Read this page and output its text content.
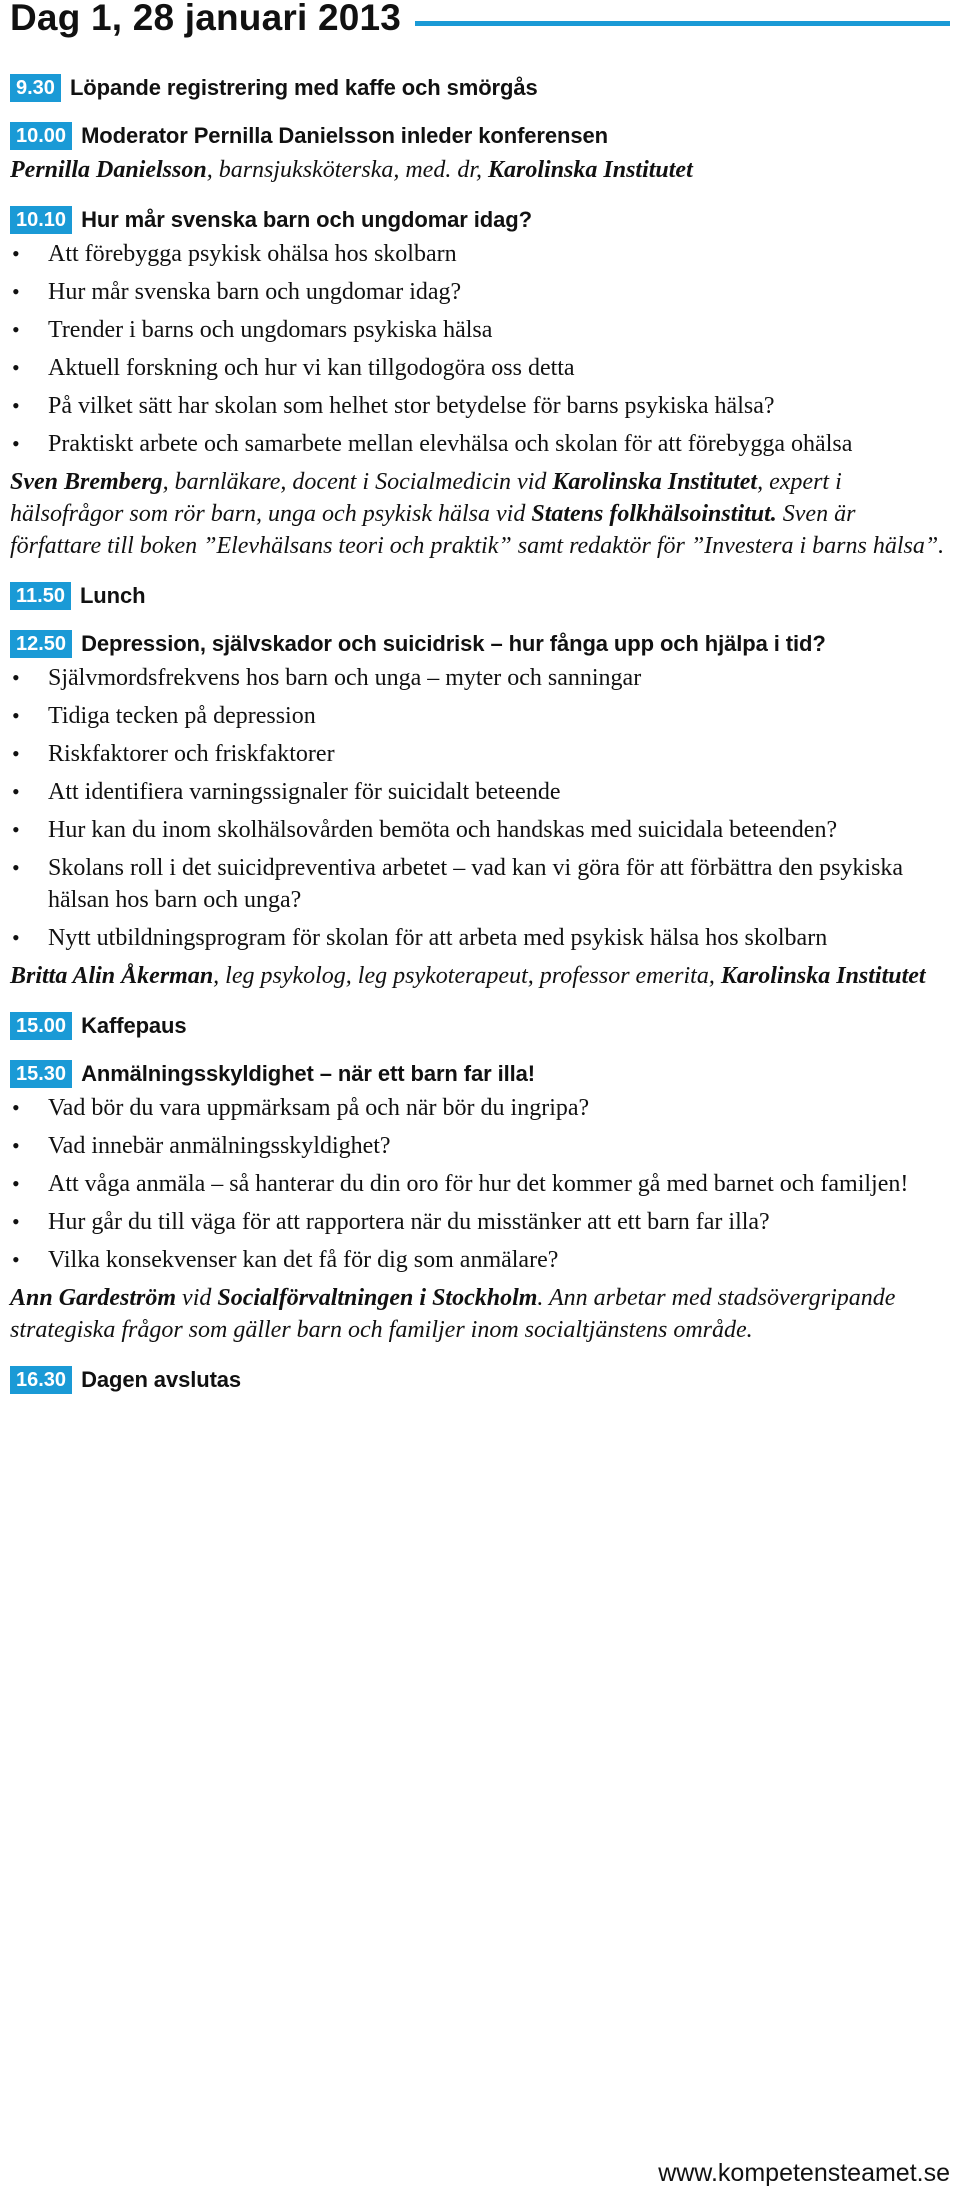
Dag 1, 28 januari 2013
9.30 Löpande registrering med kaffe och smörgås
10.00 Moderator Pernilla Danielsson inleder konferensen
Pernilla Danielsson, barnsjuksköterska, med. dr, Karolinska Institutet
10.10 Hur mår svenska barn och ungdomar idag?
• Att förebygga psykisk ohälsa hos skolbarn
• Hur mår svenska barn och ungdomar idag?
• Trender i barns och ungdomars psykiska hälsa
• Aktuell forskning och hur vi kan tillgodogöra oss detta
• På vilket sätt har skolan som helhet stor betydelse för barns psykiska hälsa?
• Praktiskt arbete och samarbete mellan elevhälsa och skolan för att förebygga ohälsa
Sven Bremberg, barnläkare, docent i Socialmedicin vid Karolinska Institutet, expert i hälsofrågor som rör barn, unga och psykisk hälsa vid Statens folkhälsoinstitut. Sven är författare till boken ”Elevhälsans teori och praktik” samt redaktör för ”Investera i barns hälsa”.
11.50 Lunch
12.50 Depression, självskador och suicidrisk – hur fånga upp och hjälpa i tid?
• Självmordsfrekvens hos barn och unga – myter och sanningar
• Tidiga tecken på depression
• Riskfaktorer och friskfaktorer
• Att identifiera varningssignaler för suicidalt beteende
• Hur kan du inom skolhälsovården bemöta och handskas med suicidala beteenden?
• Skolans roll i det suicidpreventiva arbetet – vad kan vi göra för att förbättra den psykiska hälsan hos barn och unga?
• Nytt utbildningsprogram för skolan för att arbeta med psykisk hälsa hos skolbarn
Britta Alin Åkerman, leg psykolog, leg psykoterapeut, professor emerita, Karolinska Institutet
15.00 Kaffepaus
15.30 Anmälningsskyldighet – när ett barn far illa!
• Vad bör du vara uppmärksam på och när bör du ingripa?
• Vad innebär anmälningsskyldighet?
• Att våga anmäla – så hanterar du din oro för hur det kommer gå med barnet och familjen!
• Hur går du till väga för att rapportera när du misstänker att ett barn far illa?
• Vilka konsekvenser kan det få för dig som anmälare?
Ann Gardeström vid Socialförvaltningen i Stockholm. Ann arbetar med stadsövergripande strategiska frågor som gäller barn och familjer inom socialtjänstens område.
16.30 Dagen avslutas
www.kompetensteamet.se
